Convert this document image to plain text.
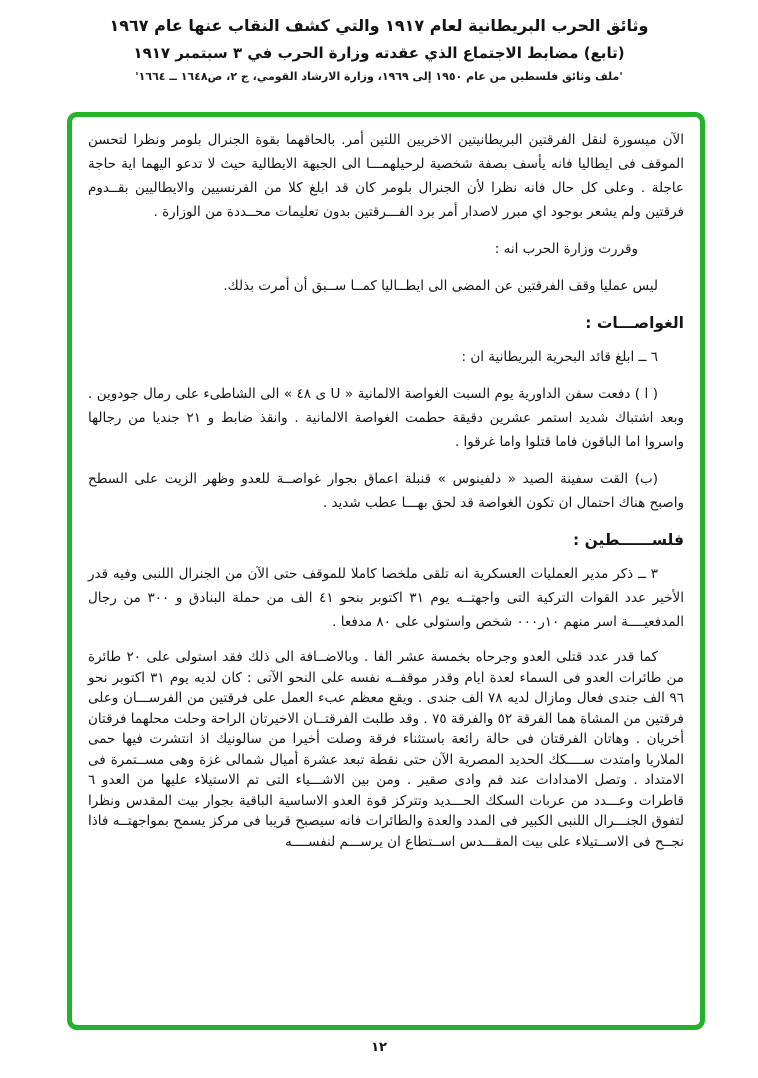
وثائق الحرب البريطانية لعام ١٩١٧ والتي كشف النقاب عنها عام ١٩٦٧
(تابع) مضابط الاجتماع الذي عقدته وزارة الحرب في ٣ سبتمبر ١٩١٧
'ملف وثائق فلسطين من عام ١٩٥٠ إلى ١٩٦٩، وزارة الارشاد القومي، ج ٢، ص١٦٤٨ ــ ١٦٦٤'

الآن ميسورة لنقل الفرقتين البريطانيتين الاخريين اللتين أمر. بالحاقهما بقوة الجنرال بلومر ونظرا لتحسن الموقف فى ايطاليا فانه يأسف بصفة شخصية لرحيلهمـــا الى الجبهة الايطالية حيث لا تدعو اليهما اية حاجة عاجلة . وعلى كل حال فانه نظرا لأن الجنرال بلومر كان قد ابلغ كلا من الفرنسيين والايطاليين بقــدوم فرقتين ولم يشعر بوجود اي مبرر لاصدار أمر برد الفـــرقتين بدون تعليمات محــددة من الوزارة .

وقررت وزارة الحرب انه :

ليس عمليا وقف الفرقتين عن المضى الى ايطــاليا كمــا ســبق أن أمرت بذلك.

الغواصـــات :

٦ ــ ابلغ قائد البحرية البريطانية ان :

( ا ) دفعت سفن الداورية يوم السبت الغواصة الالمانية « U ى ٤٨ » الى الشاطىء على رمال جودوين . وبعد اشتباك شديد استمر عشرين دقيقة حطمت الغواصة الالمانية . وانقذ ضابط و ٢١ جنديا من رجالها واسروا اما الباقون فاما قتلوا واما غرقوا .

(ب) القت سفينة الصيد « دلفينوس » قنبلة اعماق بجوار غواصــة للعدو وظهر الزيت على السطح واصبح هناك احتمال ان تكون الغواصة قد لحق بهـــا عطب شديد .

فلســــــطين :

٣ ــ ذكر مدير العمليات العسكرية انه تلقى ملخصا كاملا للموقف حتى الآن من الجنرال اللنبى وفيه قدر الأخير عدد القوات التركية التى واجهتــه يوم ٣١ اكتوبر بنحو ٤١ الف من حملة البنادق و ٣٠٠ من رجال المدفعيــــة اسر منهم ١٠ر٠٠٠ شخص واستولى على ٨٠ مدفعا .

كما قدر عدد قتلى العدو وجرحاه بخمسة عشر الفا . وبالاضــافة الى ذلك فقد استولى على ٢٠ طائرة من طائرات العدو فى السماء لعدة ايام وقدر موقفــه نفسه على النحو الآتى : كان لديه يوم ٣١ اكتوبر نحو ٩٦ الف جندى فعال ومازال لديه ٧٨ الف جندى . ويقع معظم عبء العمل على فرقتين من الفرســـان وعلى فرقتين من المشاة هما الفرقة ٥٢ والفرقة ٧٥ . وقد طلبت الفرقتــان الاخيرتان الراحة وحلت محلهما فرقتان أخريان . وهاتان الفرقتان فى حالة رائعة باستثناء فرقة وصلت أخيرا من سالونيك اذ انتشرت فيها حمى الملاريا وامتدت ســــكك الحديد المصرية الآن حتى نقطة تبعد عشرة أميال شمالى غزة وهى مســتمرة فى الامتداد . وتصل الامدادات عند فم وادى صقير . ومن بين الاشـــياء التى تم الاستيلاء عليها من العدو ٦ قاطرات وعـــدد من عربات السكك الحـــديد وتتركز قوة العدو الاساسية الباقية بجوار بيت المقدس ونظرا لتفوق الجنـــرال اللنبى الكبير فى المدد والعدة والطائرات فانه سيصبح قريبا فى مركز يسمح بمواجهتــه فاذا نجــح فى الاســتيلاء على بيت المقـــدس اســتطاع ان يرســـم لنفســــه

١٢
